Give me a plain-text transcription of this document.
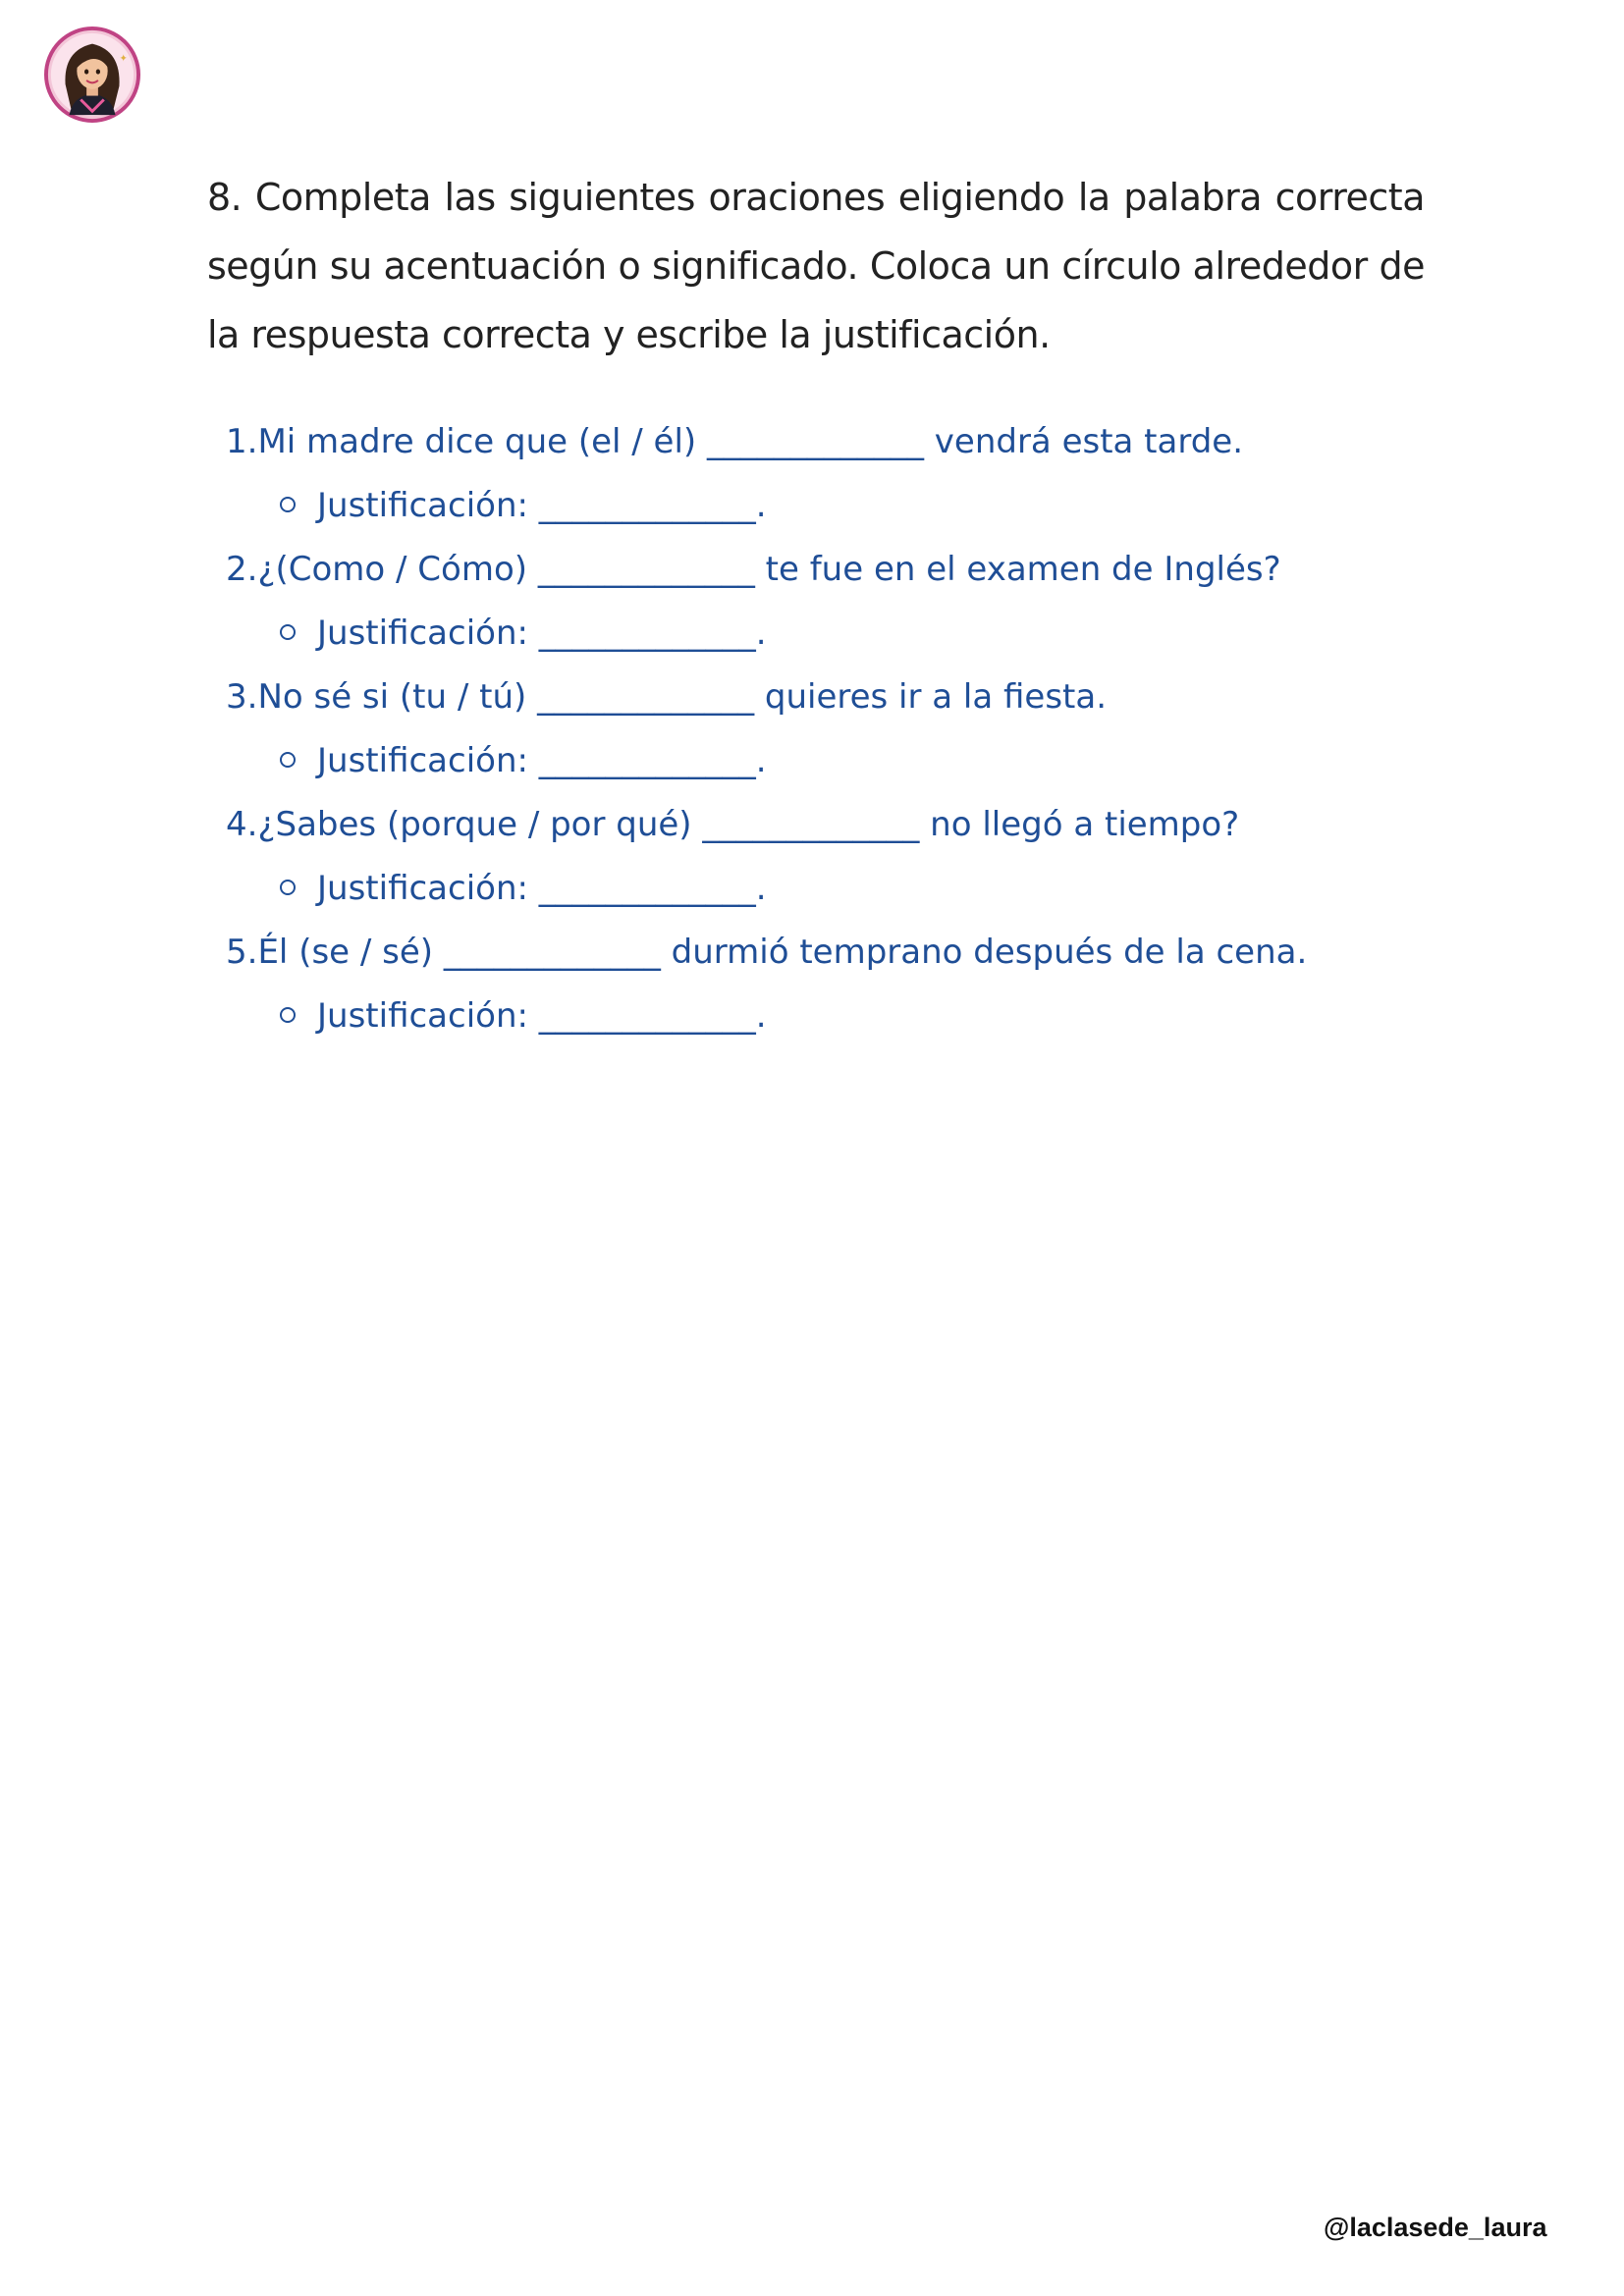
✦
8. Completa las siguientes oraciones eligiendo la palabra correcta según su acentuación o significado. Coloca un círculo alrededor de la respuesta correcta y escribe la justificación.
1.Mi madre dice que (el / él) _____________ vendrá esta tarde.
Justificación: _____________.
2.¿(Como / Cómo) _____________ te fue en el examen de Inglés?
Justificación: _____________.
3.No sé si (tu / tú) _____________ quieres ir a la fiesta.
Justificación: _____________.
4.¿Sabes (porque / por qué) _____________ no llegó a tiempo?
Justificación: _____________.
5.Él (se / sé) _____________ durmió temprano después de la cena.
Justificación: _____________.
@laclasede_laura
